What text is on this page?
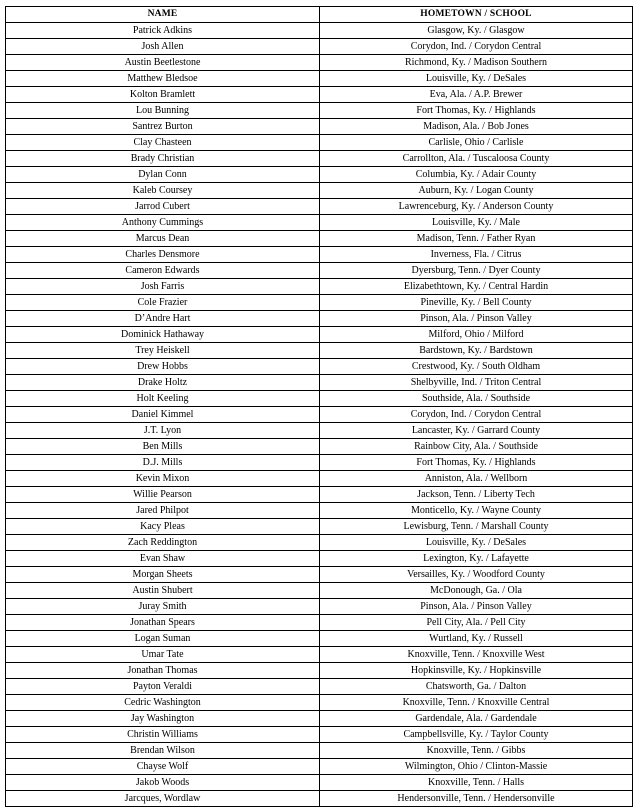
NAME	HOMETOWN / SCHOOL
Patrick Adkins	Glasgow, Ky. / Glasgow
Josh Allen	Corydon, Ind. / Corydon Central
Austin Beetlestone	Richmond, Ky. / Madison Southern
Matthew Bledsoe	Louisville, Ky. / DeSales
Kolton Bramlett	Eva, Ala. / A.P. Brewer
Lou Bunning	Fort Thomas, Ky. / Highlands
Santrez Burton	Madison, Ala. / Bob Jones
Clay Chasteen	Carlisle, Ohio / Carlisle
Brady Christian	Carrollton, Ala. / Tuscaloosa County
Dylan Conn	Columbia, Ky. / Adair County
Kaleb Coursey	Auburn, Ky. / Logan County
Jarrod Cubert	Lawrenceburg, Ky. / Anderson County
Anthony Cummings	Louisville, Ky. / Male
Marcus Dean	Madison, Tenn. / Father Ryan
Charles Densmore	Inverness, Fla. / Citrus
Cameron Edwards	Dyersburg, Tenn. / Dyer County
Josh Farris	Elizabethtown, Ky. / Central Hardin
Cole Frazier	Pineville, Ky. / Bell County
D’Andre Hart	Pinson, Ala. / Pinson Valley
Dominick Hathaway	Milford, Ohio / Milford
Trey Heiskell	Bardstown, Ky. / Bardstown
Drew Hobbs	Crestwood, Ky. / South Oldham
Drake Holtz	Shelbyville, Ind. / Triton Central
Holt Keeling	Southside, Ala. / Southside
Daniel Kimmel	Corydon, Ind. / Corydon Central
J.T. Lyon	Lancaster, Ky. / Garrard County
Ben Mills	Rainbow City, Ala. / Southside
D.J. Mills	Fort Thomas, Ky. / Highlands
Kevin Mixon	Anniston, Ala. / Wellborn
Willie Pearson	Jackson, Tenn. / Liberty Tech
Jared Philpot	Monticello, Ky. / Wayne County
Kacy Pleas	Lewisburg, Tenn. / Marshall County
Zach Reddington	Louisville, Ky. / DeSales
Evan Shaw	Lexington, Ky. / Lafayette
Morgan Sheets	Versailles, Ky. / Woodford County
Austin Shubert	McDonough, Ga. / Ola
Juray Smith	Pinson, Ala. / Pinson Valley
Jonathan Spears	Pell City, Ala. / Pell City
Logan Suman	Wurtland, Ky. / Russell
Umar Tate	Knoxville, Tenn. / Knoxville West
Jonathan Thomas	Hopkinsville, Ky. / Hopkinsville
Payton Veraldi	Chatsworth, Ga. / Dalton
Cedric Washington	Knoxville, Tenn. / Knoxville Central
Jay Washington	Gardendale, Ala. / Gardendale
Christin Williams	Campbellsville, Ky. / Taylor County
Brendan Wilson	Knoxville, Tenn. / Gibbs
Chayse Wolf	Wilmington, Ohio / Clinton-Massie
Jakob Woods	Knoxville, Tenn. / Halls
Jarcques, Wordlaw	Hendersonville, Tenn. / Hendersonville
